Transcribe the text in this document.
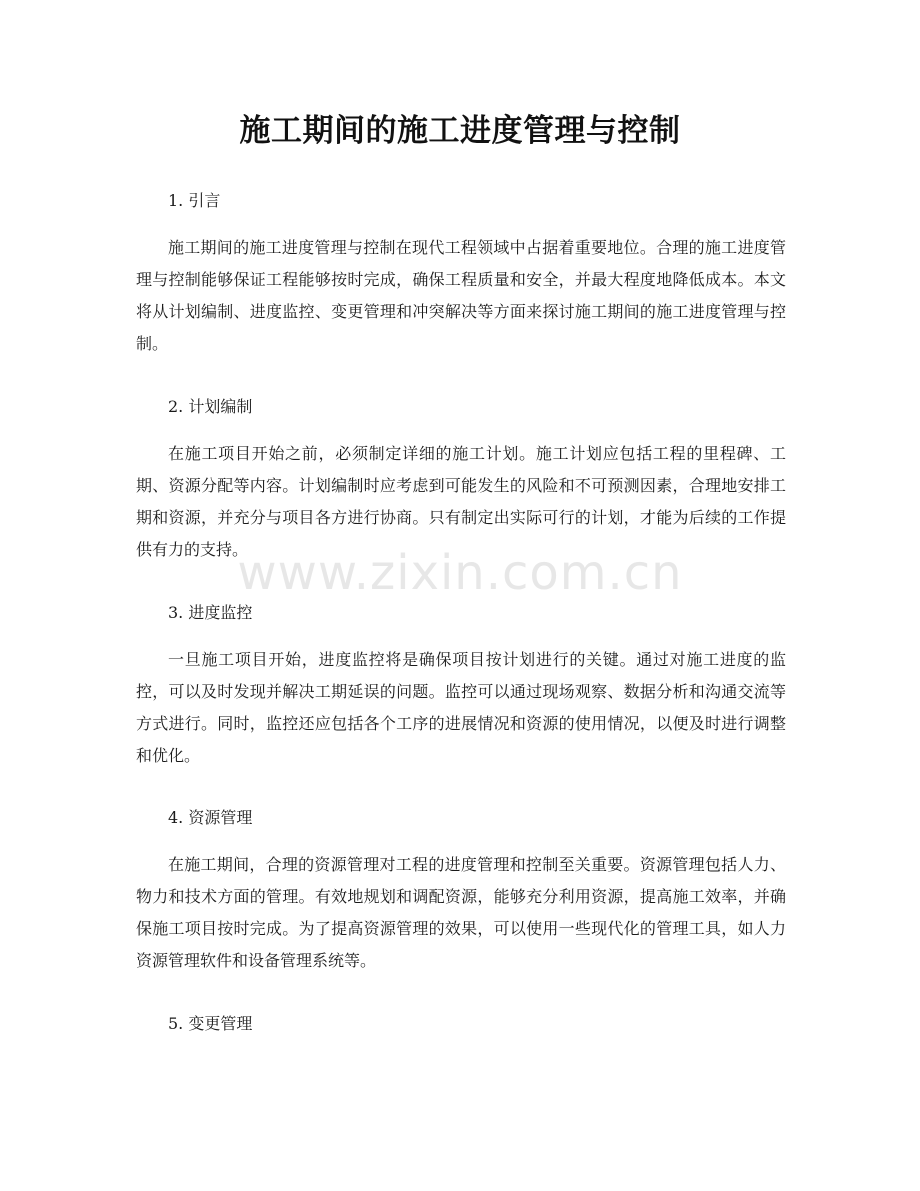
施工期间的施工进度管理与控制
1. 引言
施工期间的施工进度管理与控制在现代工程领域中占据着重要地位。合理的施工进度管理与控制能够保证工程能够按时完成，确保工程质量和安全，并最大程度地降低成本。本文将从计划编制、进度监控、变更管理和冲突解决等方面来探讨施工期间的施工进度管理与控制。
2. 计划编制
在施工项目开始之前，必须制定详细的施工计划。施工计划应包括工程的里程碑、工期、资源分配等内容。计划编制时应考虑到可能发生的风险和不可预测因素，合理地安排工期和资源，并充分与项目各方进行协商。只有制定出实际可行的计划，才能为后续的工作提供有力的支持。
3. 进度监控
一旦施工项目开始，进度监控将是确保项目按计划进行的关键。通过对施工进度的监控，可以及时发现并解决工期延误的问题。监控可以通过现场观察、数据分析和沟通交流等方式进行。同时，监控还应包括各个工序的进展情况和资源的使用情况，以便及时进行调整和优化。
4. 资源管理
在施工期间，合理的资源管理对工程的进度管理和控制至关重要。资源管理包括人力、物力和技术方面的管理。有效地规划和调配资源，能够充分利用资源，提高施工效率，并确保施工项目按时完成。为了提高资源管理的效果，可以使用一些现代化的管理工具，如人力资源管理软件和设备管理系统等。
5. 变更管理
www.zixin.com.cn
